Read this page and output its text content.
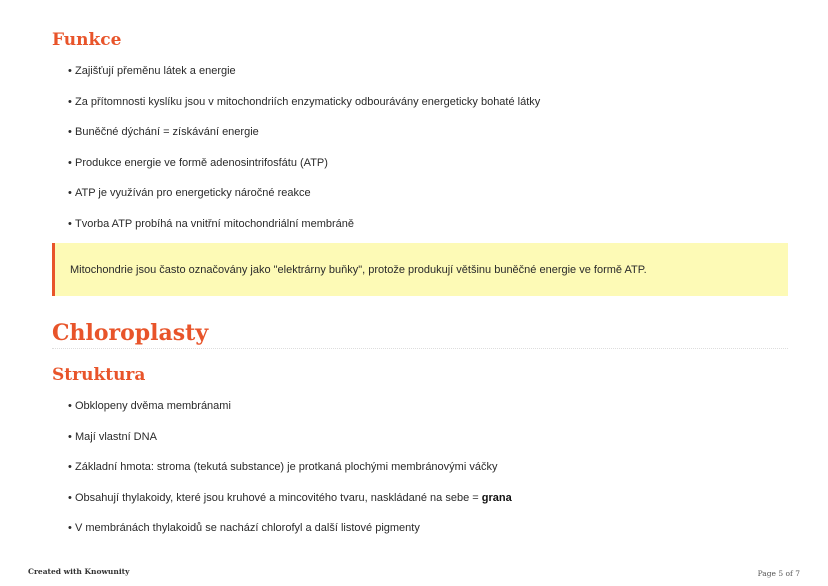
Funkce
• Zajišťují přeměnu látek a energie
• Za přítomnosti kyslíku jsou v mitochondriích enzymaticky odbourávány energeticky bohaté látky
• Buněčné dýchání = získávání energie
• Produkce energie ve formě adenosintrifosfátu (ATP)
• ATP je využíván pro energeticky náročné reakce
• Tvorba ATP probíhá na vnitřní mitochondriální membráně
Mitochondrie jsou často označovány jako "elektrárny buňky", protože produkují většinu buněčné energie ve formě ATP.
Chloroplasty
Struktura
• Obklopeny dvěma membránami
• Mají vlastní DNA
• Základní hmota: stroma (tekutá substance) je protkaná plochými membránovými váčky
• Obsahují thylakoidy, které jsou kruhové a mincovitého tvaru, naskládané na sebe = grana
• V membránách thylakoidů se nachází chlorofyl a další listové pigmenty
Created with Knowunity	Page 5 of 7
